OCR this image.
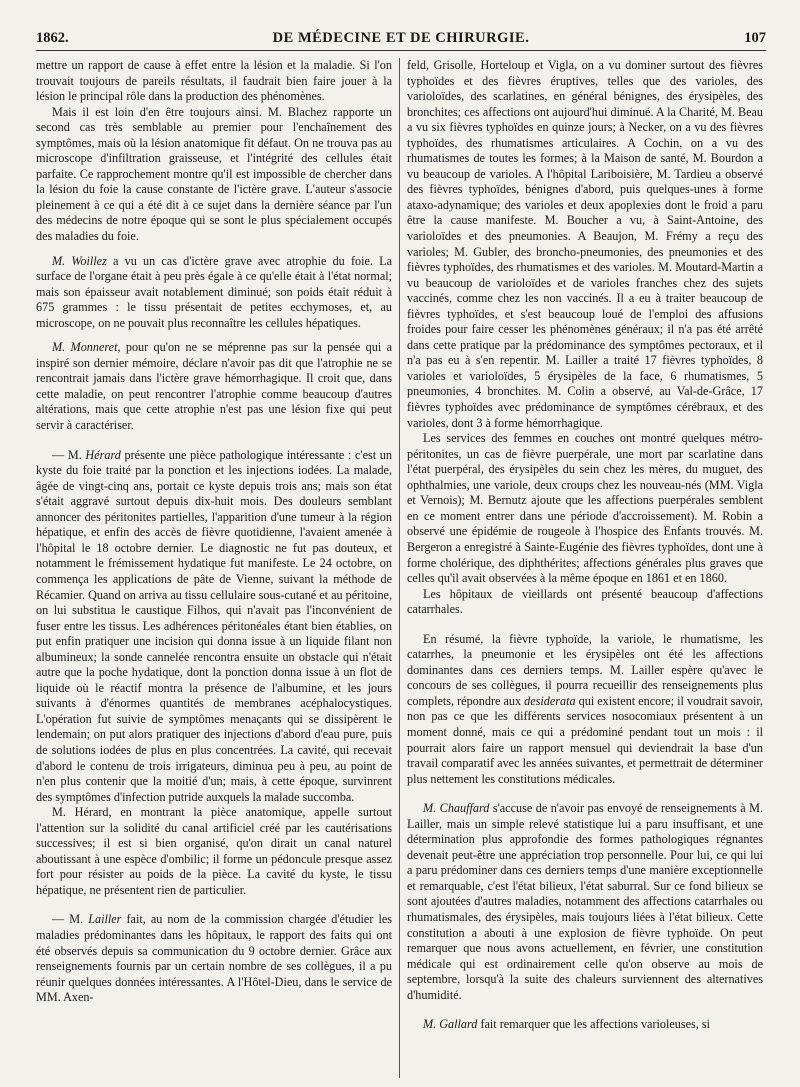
1862.	DE MÉDECINE ET DE CHIRURGIE.	107

mettre un rapport de cause à effet entre la lésion et la maladie. Si l'on trouvait toujours de pareils résultats, il faudrait bien faire jouer à la lésion le principal rôle dans la production des phénomènes.

Mais il est loin d'en être toujours ainsi. M. Blachez rapporte un second cas très semblable au premier pour l'enchaînement des symptômes, mais où la lésion anatomique fit défaut. On ne trouva pas au microscope d'infiltration graisseuse, et l'intégrité des cellules était parfaite. Ce rapprochement montre qu'il est impossible de chercher dans la lésion du foie la cause constante de l'ictère grave. L'auteur s'associe pleinement à ce qui a été dit à ce sujet dans la dernière séance par l'un des médecins de notre époque qui se sont le plus spécialement occupés des maladies du foie.

M. Woillez a vu un cas d'ictère grave avec atrophie du foie. La surface de l'organe était à peu près égale à ce qu'elle était à l'état normal; mais son épaisseur avait notablement diminué; son poids était réduit à 675 grammes : le tissu présentait de petites ecchymoses, et, au microscope, on ne pouvait plus reconnaître les cellules hépatiques.

M. Monneret, pour qu'on ne se méprenne pas sur la pensée qui a inspiré son dernier mémoire, déclare n'avoir pas dit que l'atrophie ne se rencontrait jamais dans l'ictère grave hémorrhagique. Il croit que, dans cette maladie, on peut rencontrer l'atrophie comme beaucoup d'autres altérations, mais que cette atrophie n'est pas une lésion fixe qui peut servir à caractériser.

— M. Hérard présente une pièce pathologique intéressante : c'est un kyste du foie traité par la ponction et les injections iodées. La malade, âgée de vingt-cinq ans, portait ce kyste depuis trois ans; mais son état s'était aggravé surtout depuis dix-huit mois. Des douleurs semblant annoncer des péritonites partielles, l'apparition d'une tumeur à la région hépatique, et enfin des accès de fièvre quotidienne, l'avaient amenée à l'hôpital le 18 octobre dernier. Le diagnostic ne fut pas douteux, et notamment le frémissement hydatique fut manifeste. Le 24 octobre, on commença les applications de pâte de Vienne, suivant la méthode de Récamier. Quand on arriva au tissu cellulaire sous-cutané et au péritoine, on lui substitua le caustique Filhos, qui n'avait pas l'inconvénient de fuser entre les tissus. Les adhérences péritonéales étant bien établies, on put enfin pratiquer une incision qui donna issue à un liquide filant non albumineux; la sonde cannelée rencontra ensuite un obstacle qui n'était autre que la poche hydatique, dont la ponction donna issue à un flot de liquide où le réactif montra la présence de l'albumine, et les jours suivants à d'énormes quantités de membranes acéphalocystiques. L'opération fut suivie de symptômes menaçants qui se dissipèrent le lendemain; on put alors pratiquer des injections d'abord d'eau pure, puis de solutions iodées de plus en plus concentrées. La cavité, qui recevait d'abord le contenu de trois irrigateurs, diminua peu à peu, au point de n'en plus contenir que la moitié d'un; mais, à cette époque, survinrent des symptômes d'infection putride auxquels la malade succomba.

M. Hérard, en montrant la pièce anatomique, appelle surtout l'attention sur la solidité du canal artificiel créé par les cautérisations successives; il est si bien organisé, qu'on dirait un canal naturel aboutissant à une espèce d'ombilic; il forme un pédoncule presque assez fort pour résister au poids de la pièce. La cavité du kyste, le tissu hépatique, ne présentent rien de particulier.

— M. Lailler fait, au nom de la commission chargée d'étudier les maladies prédominantes dans les hôpitaux, le rapport des faits qui ont été observés depuis sa communication du 9 octobre dernier. Grâce aux renseignements fournis par un certain nombre de ses collègues, il a pu réunir quelques données intéressantes. A l'Hôtel-Dieu, dans le service de MM. Axen-

feld, Grisolle, Horteloup et Vigla, on a vu dominer surtout des fièvres typhoïdes et des fièvres éruptives, telles que des varioles, des varioloïdes, des scarlatines, en général bénignes, des érysipèles, des bronchites; ces affections ont aujourd'hui diminué. A la Charité, M. Beau a vu six fièvres typhoïdes en quinze jours; à Necker, on a vu des fièvres typhoïdes, des rhumatismes articulaires. A Cochin, on a vu des rhumatismes de toutes les formes; à la Maison de santé, M. Bourdon a vu beaucoup de varioles. A l'hôpital Lariboisière, M. Tardieu a observé des fièvres typhoïdes, bénignes d'abord, puis quelques-unes à forme ataxo-adynamique; des varioles et deux apoplexies dont le froid a paru être la cause manifeste. M. Boucher a vu, à Saint-Antoine, des varioloïdes et des pneumonies. A Beaujon, M. Frémy a reçu des varioles; M. Gubler, des broncho-pneumonies, des pneumonies et des fièvres typhoïdes, des rhumatismes et des varioles. M. Moutard-Martin a vu beaucoup de varioloïdes et de varioles franches chez des sujets vaccinés, comme chez les non vaccinés. Il a eu à traiter beaucoup de fièvres typhoïdes, et s'est beaucoup loué de l'emploi des affusions froides pour faire cesser les phénomènes généraux; il n'a pas été arrêté dans cette pratique par la prédominance des symptômes pectoraux, et il n'a pas eu à s'en repentir. M. Lailler a traité 17 fièvres typhoïdes, 8 varioles et varioloïdes, 5 érysipèles de la face, 6 rhumatismes, 5 pneumonies, 4 bronchites. M. Colin a observé, au Val-de-Grâce, 17 fièvres typhoïdes avec prédominance de symptômes cérébraux, et des varioles, dont 3 à forme hémorrhagique.

Les services des femmes en couches ont montré quelques métro-péritonites, un cas de fièvre puerpérale, une mort par scarlatine dans l'état puerpéral, des érysipèles du sein chez les mères, du muguet, des ophthalmies, une variole, deux croups chez les nouveau-nés (MM. Vigla et Vernois); M. Bernutz ajoute que les affections puerpérales semblent en ce moment entrer dans une période d'accroissement). M. Robin a observé une épidémie de rougeole à l'hospice des Enfants trouvés. M. Bergeron a enregistré à Sainte-Eugénie des fièvres typhoïdes, dont une à forme cholérique, des diphthérites; affections générales plus graves que celles qu'il avait observées à la même époque en 1861 et en 1860.

Les hôpitaux de vieillards ont présenté beaucoup d'affections catarrhales.

En résumé, la fièvre typhoïde, la variole, le rhumatisme, les catarrhes, la pneumonie et les érysipèles ont été les affections dominantes dans ces derniers temps. M. Lailler espère qu'avec le concours de ses collègues, il pourra recueillir des renseignements plus complets, répondre aux desiderata qui existent encore; il voudrait savoir, non pas ce que les différents services nosocomiaux présentent à un moment donné, mais ce qui a prédominé pendant tout un mois : il pourrait alors faire un rapport mensuel qui deviendrait la base d'un travail comparatif avec les années suivantes, et permettrait de déterminer plus nettement les constitutions médicales.

M. Chauffard s'accuse de n'avoir pas envoyé de renseignements à M. Lailler, mais un simple relevé statistique lui a paru insuffisant, et une détermination plus approfondie des formes pathologiques régnantes devenait peut-être une appréciation trop personnelle. Pour lui, ce qui lui a paru prédominer dans ces derniers temps d'une manière exceptionnelle et remarquable, c'est l'état bilieux, l'état saburral. Sur ce fond bilieux se sont ajoutées d'autres maladies, notamment des affections catarrhales ou rhumatismales, des érysipèles, mais toujours liées à l'état bilieux. Cette constitution a abouti à une explosion de fièvre typhoïde. On peut remarquer que nous avons actuellement, en février, une constitution médicale qui est ordinairement celle qu'on observe au mois de septembre, lorsqu'à la suite des chaleurs surviennent des alternatives d'humidité.

M. Gallard fait remarquer que les affections varioleuses, si
